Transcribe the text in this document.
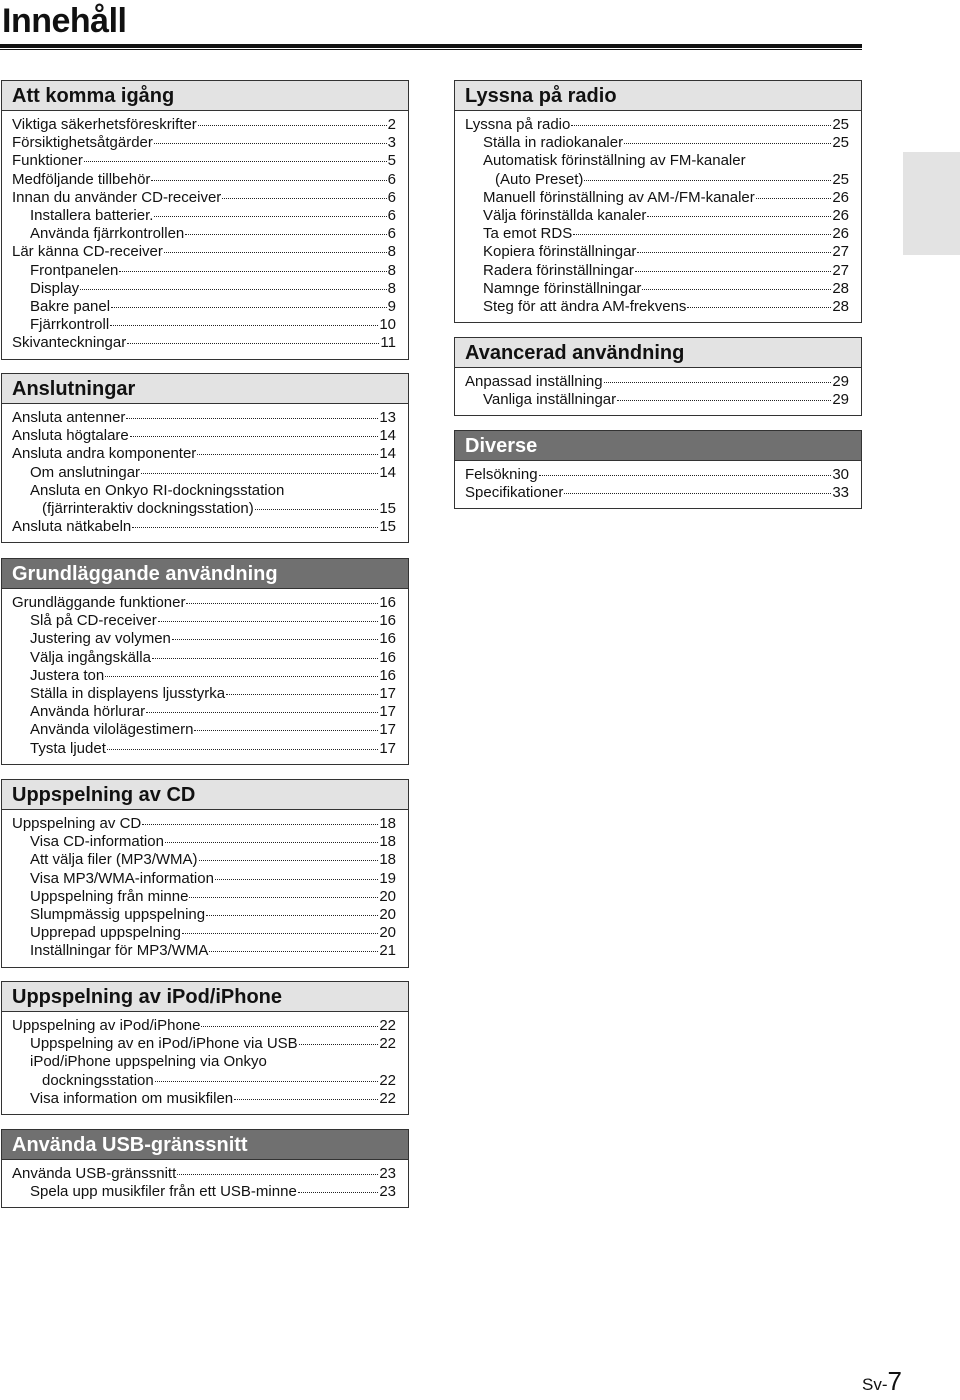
Innehåll
Att komma igång
Viktiga säkerhetsföreskrifter	2
Försiktighetsåtgärder	3
Funktioner	5
Medföljande tillbehör	6
Innan du använder CD-receiver	6
Installera batterier.	6
Använda fjärrkontrollen	6
Lär känna CD-receiver	8
Frontpanelen	8
Display	8
Bakre panel	9
Fjärrkontroll	10
Skivanteckningar	11
Anslutningar
Ansluta antenner	13
Ansluta högtalare	14
Ansluta andra komponenter	14
Om anslutningar	14
Ansluta en Onkyo RI-dockningsstation
(fjärrinteraktiv dockningsstation)	15
Ansluta nätkabeln	15
Grundläggande användning
Grundläggande funktioner	16
Slå på CD-receiver	16
Justering av volymen	16
Välja ingångskälla	16
Justera ton	16
Ställa in displayens ljusstyrka	17
Använda hörlurar	17
Använda vilolägestimern	17
Tysta ljudet	17
Uppspelning av CD
Uppspelning av CD	18
Visa CD-information	18
Att välja filer (MP3/WMA)	18
Visa MP3/WMA-information	19
Uppspelning från minne	20
Slumpmässig uppspelning	20
Upprepad uppspelning	20
Inställningar för MP3/WMA	21
Uppspelning av iPod/iPhone
Uppspelning av iPod/iPhone	22
Uppspelning av en iPod/iPhone via USB	22
iPod/iPhone uppspelning via Onkyo
dockningsstation	22
Visa information om musikfilen	22
Använda USB-gränssnitt
Använda USB-gränssnitt	23
Spela upp musikfiler från ett USB-minne	23
Lyssna på radio
Lyssna på radio	25
Ställa in radiokanaler	25
Automatisk förinställning av FM-kanaler
(Auto Preset)	25
Manuell förinställning av AM-/FM-kanaler	26
Välja förinställda kanaler	26
Ta emot RDS	26
Kopiera förinställningar	27
Radera förinställningar	27
Namnge förinställningar	28
Steg för att ändra AM-frekvens	28
Avancerad användning
Anpassad inställning	29
Vanliga inställningar	29
Diverse
Felsökning	30
Specifikationer	33
Sv-7
